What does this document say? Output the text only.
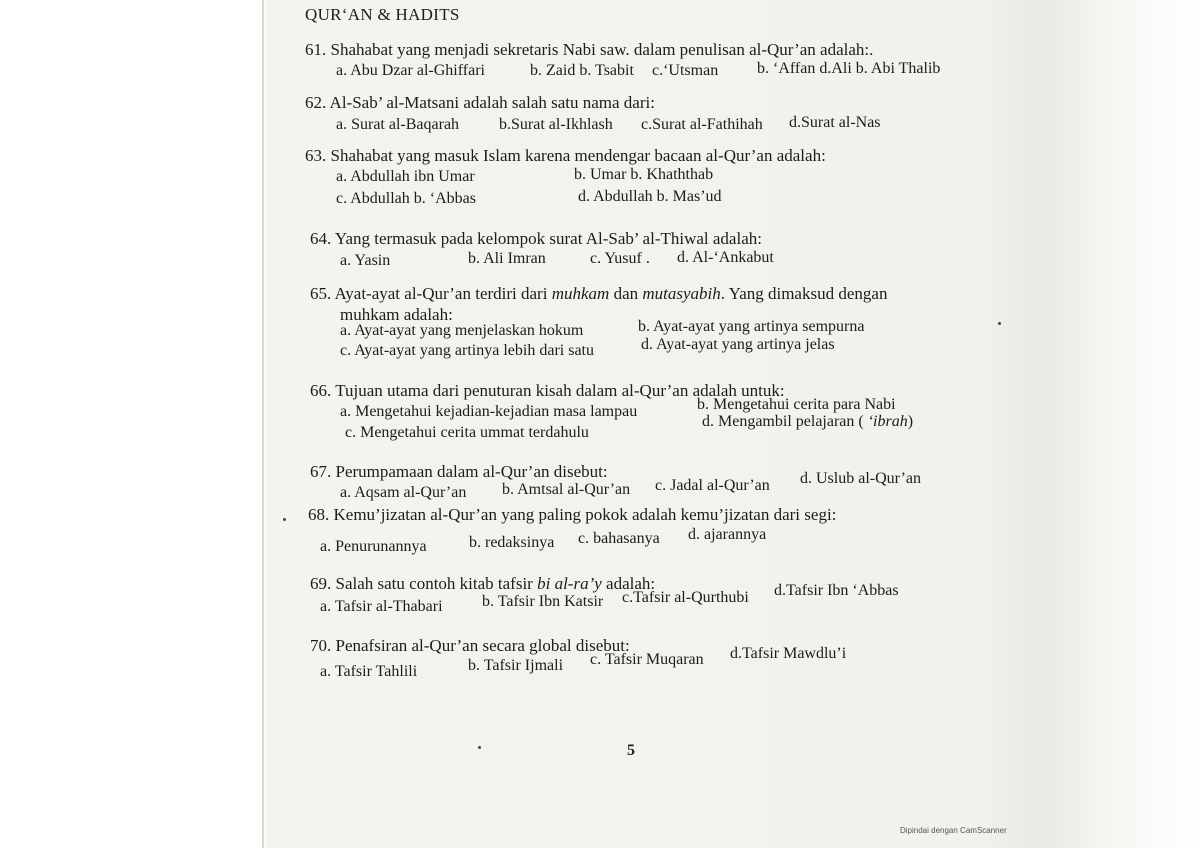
QUR‘AN & HADITS
61. Shahabat yang menjadi sekretaris Nabi saw. dalam penulisan al-Qur’an adalah:.
a. Abu Dzar al-Ghiffari	b. Zaid b. Tsabit c.‘Utsman b. ‘Affan d.Ali b. Abi Thalib
62. Al-Sab’ al-Matsani adalah salah satu nama dari:
a. Surat al-Baqarah b.Surat al-Ikhlash c.Surat al-Fathihah d.Surat al-Nas
63. Shahabat yang masuk Islam karena mendengar bacaan al-Qur’an adalah:
a. Abdullah ibn Umar	b. Umar b. Khaththab
c. Abdullah b. ‘Abbas	d. Abdullah b. Mas’ud
64. Yang termasuk pada kelompok surat Al-Sab’ al-Thiwal adalah:
a. Yasin	b. Ali Imran	c. Yusuf . d. Al-‘Ankabut
65. Ayat-ayat al-Qur’an terdiri dari muhkam dan mutasyabih. Yang dimaksud dengan
muhkam adalah:
a. Ayat-ayat yang menjelaskan hokum	b. Ayat-ayat yang artinya sempurna
c. Ayat-ayat yang artinya lebih dari satu	d. Ayat-ayat yang artinya jelas
66. Tujuan utama dari penuturan kisah dalam al-Qur’an adalah untuk:
a. Mengetahui kejadian-kejadian masa lampau	b. Mengetahui cerita para Nabi
c. Mengetahui cerita ummat terdahulu
d. Mengambil pelajaran ( ‘ibrah)
67. Perumpamaan dalam al-Qur’an disebut:
a. Aqsam al-Qur’an b. Amtsal al-Qur’an c. Jadal al-Qur’an d. Uslub al-Qur’an
68. Kemu’jizatan al-Qur’an yang paling pokok adalah kemu’jizatan dari segi:
a. Penurunannya	b. redaksinya c. bahasanya d. ajarannya
69. Salah satu contoh kitab tafsir bi al-ra’y adalah:
a. Tafsir al-Thabari b. Tafsir Ibn Katsir c.Tafsir al-Qurthubi d.Tafsir Ibn ‘Abbas
70. Penafsiran al-Qur’an secara global disebut:
a. Tafsir Tahlili	b. Tafsir Ijmali c. Tafsir Muqaran d.Tafsir Mawdlu’i
5
Dipindai dengan CamScanner
